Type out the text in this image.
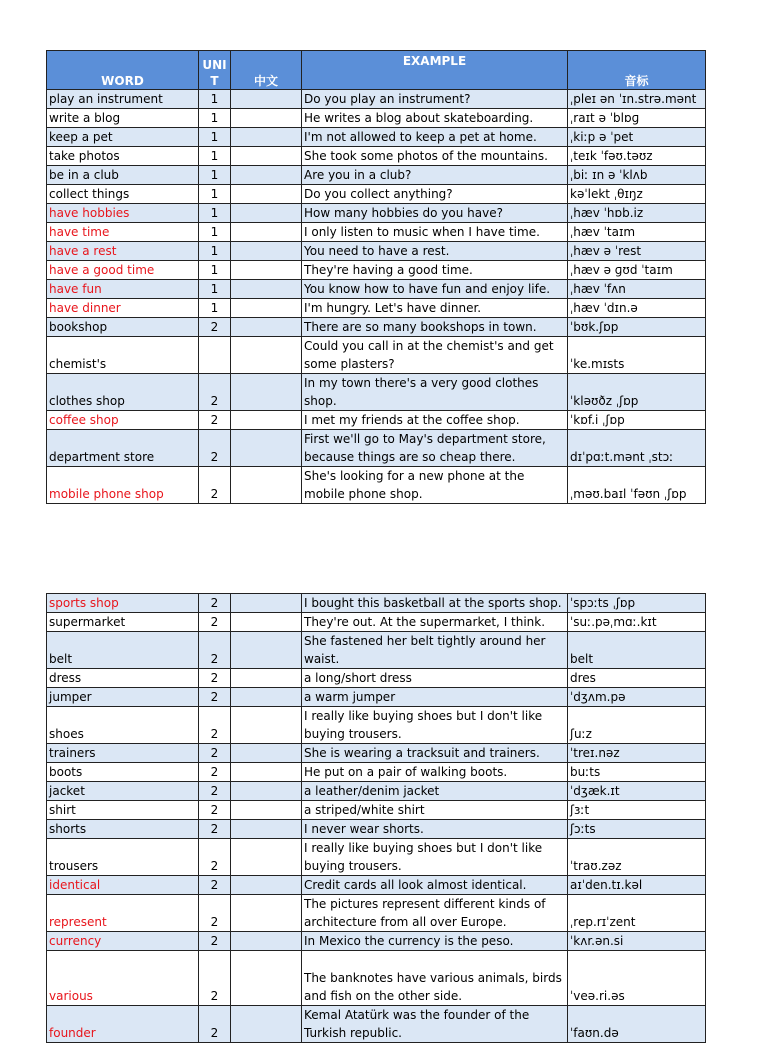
WORD	UNIT	中文	EXAMPLE	音标
play an instrument	1		Do you play an instrument?	ˌpleɪ ən ˈɪn.strə.mənt
write a blog	1		He writes a blog about skateboarding.	ˌraɪt ə ˈblɒɡ
keep a pet	1		I'm not allowed to keep a pet at home.	ˌkiːp ə ˈpet
take photos	1		She took some photos of the mountains.	ˌteɪk ˈfəʊ.təʊz
be in a club	1		Are you in a club?	ˌbiː ɪn ə ˈklʌb
collect things	1		Do you collect anything?	kəˈlekt ˌθɪŋz
have hobbies	1		How many hobbies do you have?	ˌhæv ˈhɒb.iz
have time	1		I only listen to music when I have time.	ˌhæv ˈtaɪm
have a rest	1		You need to have a rest.	ˌhæv ə ˈrest
have a good time	1		They're having a good time.	ˌhæv ə ɡʊd ˈtaɪm
have fun	1		You know how to have fun and enjoy life.	ˌhæv ˈfʌn
have dinner	1		I'm hungry. Let's have dinner.	ˌhæv ˈdɪn.ə
bookshop	2		There are so many bookshops in town.	ˈbʊk.ʃɒp
chemist's			Could you call in at the chemist's and get some plasters?	ˈke.mɪsts
clothes shop	2		In my town there's a very good clothes shop.	ˈkləʊðz ˌʃɒp
coffee shop	2		I met my friends at the coffee shop.	ˈkɒf.i ˌʃɒp
department store	2		First we'll go to May's department store, because things are so cheap there.	dɪˈpɑːt.mənt ˌstɔː
mobile phone shop	2		She's looking for a new phone at the mobile phone shop.	ˌməʊ.baɪl ˈfəʊn ˌʃɒp
sports shop	2		I bought this basketball at the sports shop.	ˈspɔːts ˌʃɒp
supermarket	2		They're out. At the supermarket, I think.	ˈsuː.pəˌmɑː.kɪt
belt	2		She fastened her belt tightly around her waist.	belt
dress	2		a long/short dress	dres
jumper	2		a warm jumper	ˈdʒʌm.pə
shoes	2		I really like buying shoes but I don't like buying trousers.	ʃuːz
trainers	2		She is wearing a tracksuit and trainers.	ˈtreɪ.nəz
boots	2		He put on a pair of walking boots.	buːts
jacket	2		a leather/denim jacket	ˈdʒæk.ɪt
shirt	2		a striped/white shirt	ʃɜːt
shorts	2		I never wear shorts.	ʃɔːts
trousers	2		I really like buying shoes but I don't like buying trousers.	ˈtraʊ.zəz
identical	2		Credit cards all look almost identical.	aɪˈden.tɪ.kəl
represent	2		The pictures represent different kinds of architecture from all over Europe.	ˌrep.rɪˈzent
currency	2		In Mexico the currency is the peso.	ˈkʌr.ən.si
various	2		The banknotes have various animals, birds and fish on the other side.	ˈveə.ri.əs
founder	2		Kemal Atatürk was the founder of the Turkish republic.	ˈfaʊn.də
